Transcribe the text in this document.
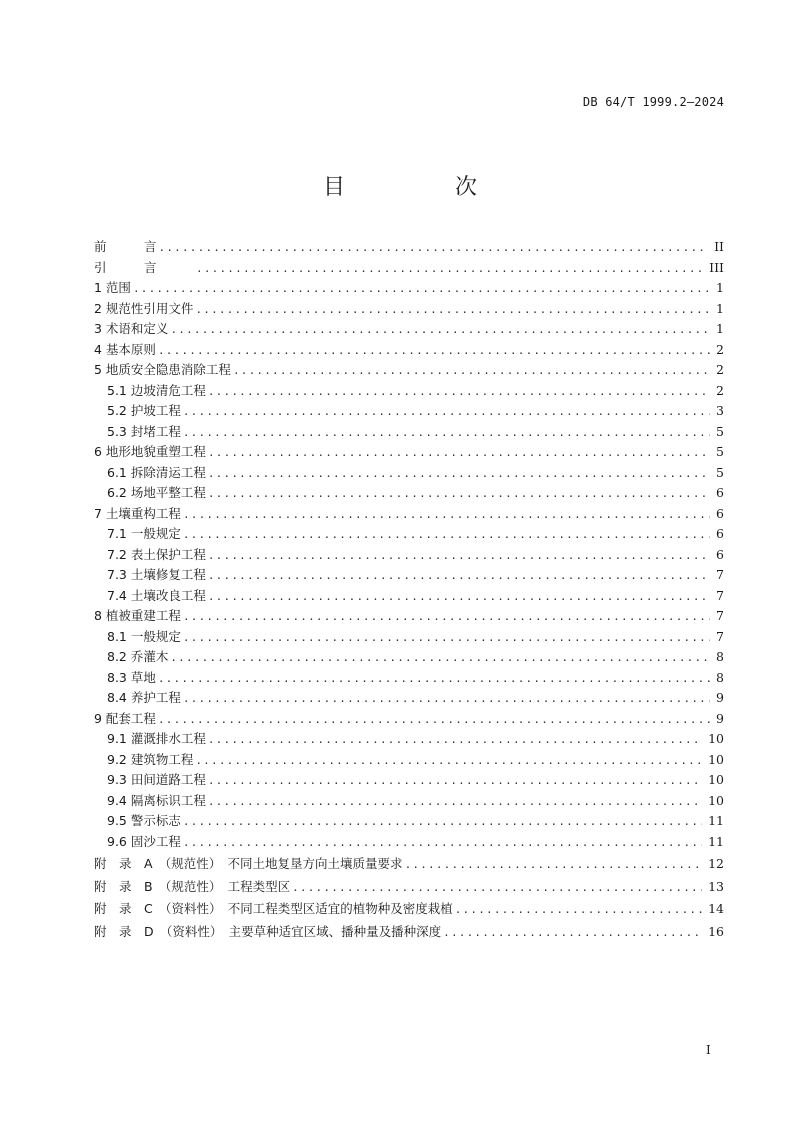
DB 64/T 1999.2—2024
目　次
前　　　言 .....	II
引　　　言　　　 .....	III
1 范围 .....	1
2 规范性引用文件 .....	1
3 术语和定义 .....	1
4 基本原则 .....	2
5 地质安全隐患消除工程 .....	2
5.1 边坡清危工程 .....	2
5.2 护坡工程 .....	3
5.3 封堵工程 .....	5
6 地形地貌重塑工程 .....	5
6.1 拆除清运工程 .....	5
6.2 场地平整工程 .....	6
7 土壤重构工程 .....	6
7.1 一般规定 .....	6
7.2 表土保护工程 .....	6
7.3 土壤修复工程 .....	7
7.4 土壤改良工程 .....	7
8 植被重建工程 .....	7
8.1 一般规定 .....	7
8.2 乔灌木 .....	8
8.3 草地 .....	8
8.4 养护工程 .....	9
9 配套工程 .....	9
9.1 灌溉排水工程 .....	10
9.2 建筑物工程 .....	10
9.3 田间道路工程 .....	10
9.4 隔离标识工程 .....	10
9.5 警示标志 .....	11
9.6 固沙工程 .....	11
附　录　A　（规范性）　不同土地复垦方向土壤质量要求 .....	12
附　录　B　（规范性）　工程类型区 .....	13
附　录　C　（资料性）　不同工程类型区适宜的植物种及密度栽植 .....	14
附　录　D　（资料性）　主要草种适宜区域、播种量及播种深度 .....	16
I
